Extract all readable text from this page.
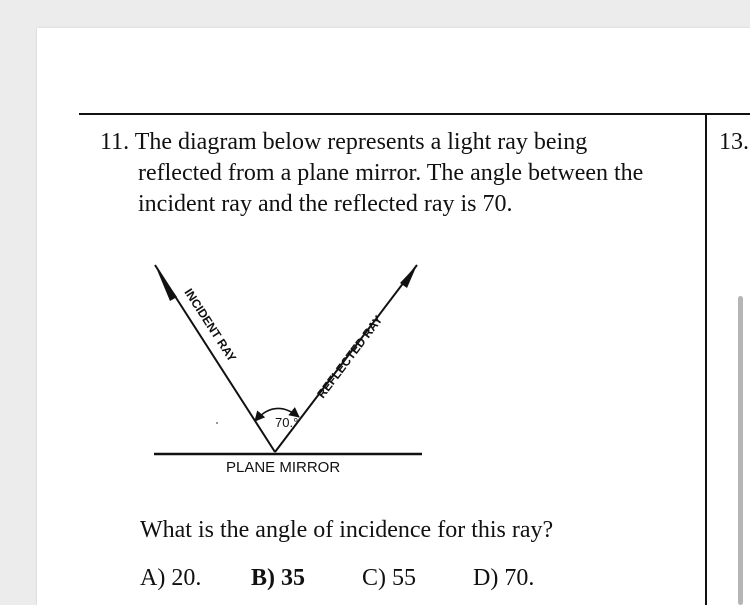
11. The diagram below represents a light ray being
reflected from a plane mirror. The angle between the
incident ray and the reflected ray is 70.
13.
INCIDENT RAY	REFLECTED RAY
70.°
PLANE MIRROR
What is the angle of incidence for this ray?
A) 20. B) 35 C) 55 D) 70.
